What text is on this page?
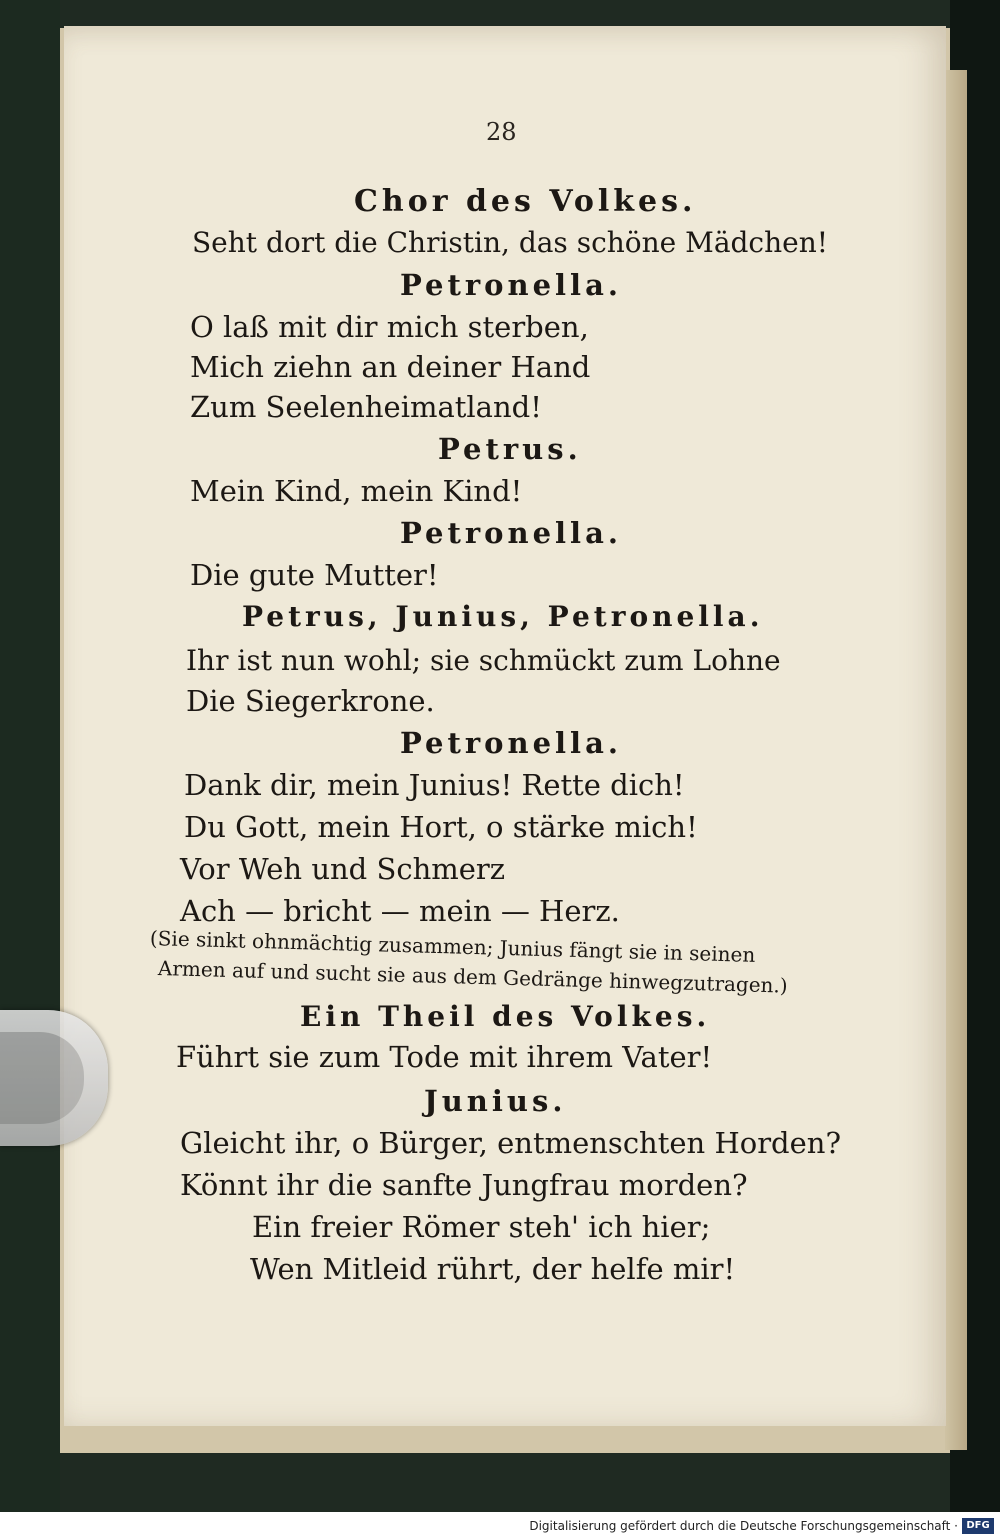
28
Chor des Volkes.
Seht dort die Christin, das schöne Mädchen!
Petronella.
O laß mit dir mich sterben,
Mich ziehn an deiner Hand
Zum Seelenheimatland!
Petrus.
Mein Kind, mein Kind!
Petronella.
Die gute Mutter!
Petrus, Junius, Petronella.
Ihr ist nun wohl; sie schmückt zum Lohne
Die Siegerkrone.
Petronella.
Dank dir, mein Junius! Rette dich!
Du Gott, mein Hort, o stärke mich!
Vor Weh und Schmerz
Ach — bricht — mein — Herz.
(Sie sinkt ohnmächtig zusammen; Junius fängt sie in seinen
Armen auf und sucht sie aus dem Gedränge hinwegzutragen.)
Ein Theil des Volkes.
Führt sie zum Tode mit ihrem Vater!
Junius.
Gleicht ihr, o Bürger, entmenschten Horden?
Könnt ihr die sanfte Jungfrau morden?
Ein freier Römer steh' ich hier;
Wen Mitleid rührt, der helfe mir!
Digitalisierung gefördert durch die Deutsche Forschungsgemeinschaft · DFG
